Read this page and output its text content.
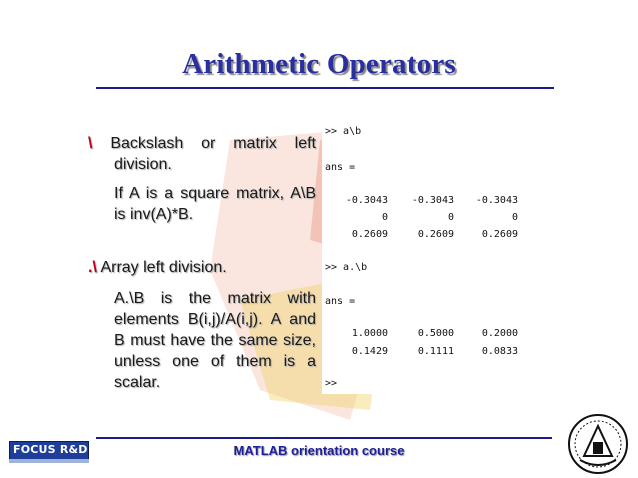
Arithmetic Operators

\ Backslash or matrix left division.

If A is a square matrix, A\B is inv(A)*B.

.\ Array left division.

A.\B is the matrix with elements B(i,j)/A(i,j). A and B must have the same size, unless one of them is a scalar.

>> a\b
ans =
-0.3043	-0.3043	-0.3043
0	0	0
0.2609	0.2609	0.2609
>> a.\b
ans =
1.0000	0.5000	0.2000
0.1429	0.1111	0.0833
>>
MATLAB orientation course
FOCUS R&D
